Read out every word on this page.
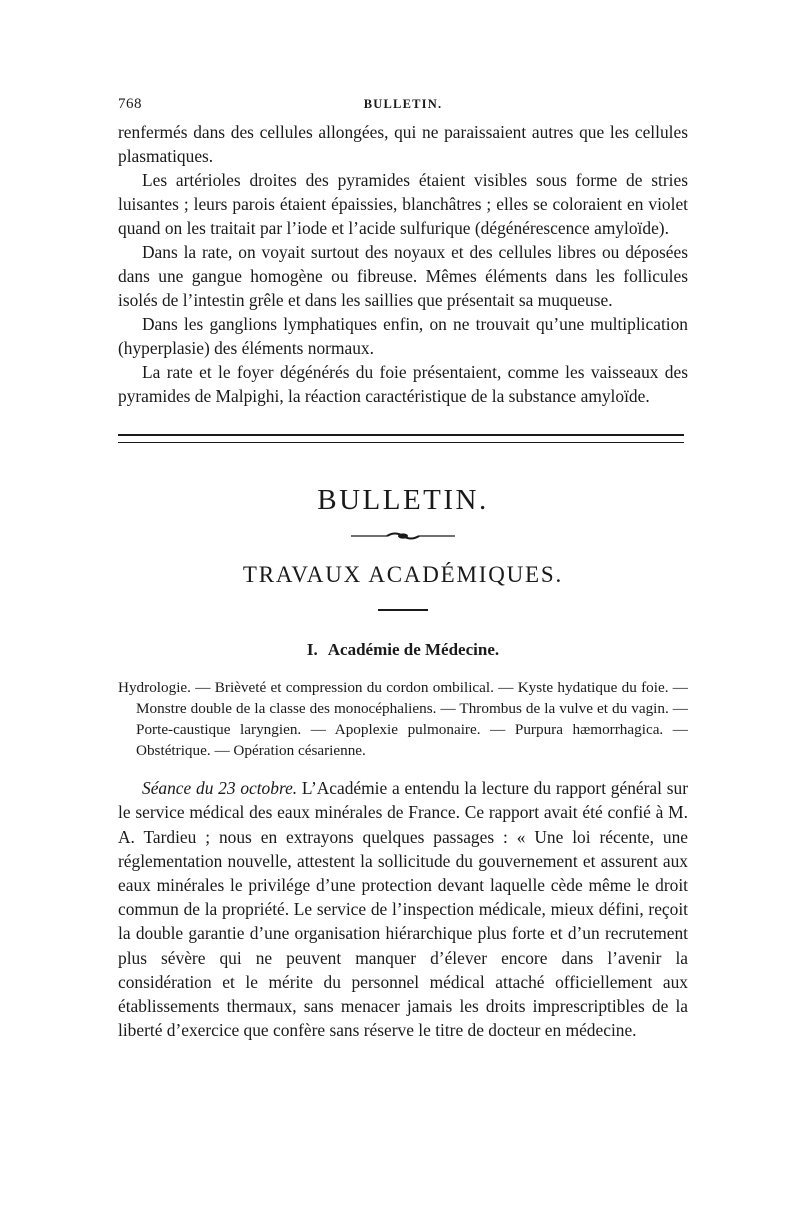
768	BULLETIN.

renfermés dans des cellules allongées, qui ne paraissaient autres que les cellules plasmatiques.

Les artérioles droites des pyramides étaient visibles sous forme de stries luisantes ; leurs parois étaient épaissies, blanchâtres ; elles se coloraient en violet quand on les traitait par l’iode et l’acide sulfurique (dégénérescence amyloïde).

Dans la rate, on voyait surtout des noyaux et des cellules libres ou déposées dans une gangue homogène ou fibreuse. Mêmes éléments dans les follicules isolés de l’intestin grêle et dans les saillies que présentait sa muqueuse.

Dans les ganglions lymphatiques enfin, on ne trouvait qu’une multiplication (hyperplasie) des éléments normaux.

La rate et le foyer dégénérés du foie présentaient, comme les vaisseaux des pyramides de Malpighi, la réaction caractéristique de la substance amyloïde.

BULLETIN.
TRAVAUX ACADÉMIQUES.
I. Académie de Médecine.

Hydrologie. — Brièveté et compression du cordon ombilical. — Kyste hydatique du foie. — Monstre double de la classe des monocéphaliens. — Thrombus de la vulve et du vagin. — Porte-caustique laryngien. — Apoplexie pulmonaire. — Purpura hæmorrhagica. — Obstétrique. — Opération césarienne.

Séance du 23 octobre. L’Académie a entendu la lecture du rapport général sur le service médical des eaux minérales de France. Ce rapport avait été confié à M. A. Tardieu ; nous en extrayons quelques passages : « Une loi récente, une réglementation nouvelle, attestent la sollicitude du gouvernement et assurent aux eaux minérales le privilége d’une protection devant laquelle cède même le droit commun de la propriété. Le service de l’inspection médicale, mieux défini, reçoit la double garantie d’une organisation hiérarchique plus forte et d’un recrutement plus sévère qui ne peuvent manquer d’élever encore dans l’avenir la considération et le mérite du personnel médical attaché officiellement aux établissements thermaux, sans menacer jamais les droits imprescriptibles de la liberté d’exercice que confère sans réserve le titre de docteur en médecine.
